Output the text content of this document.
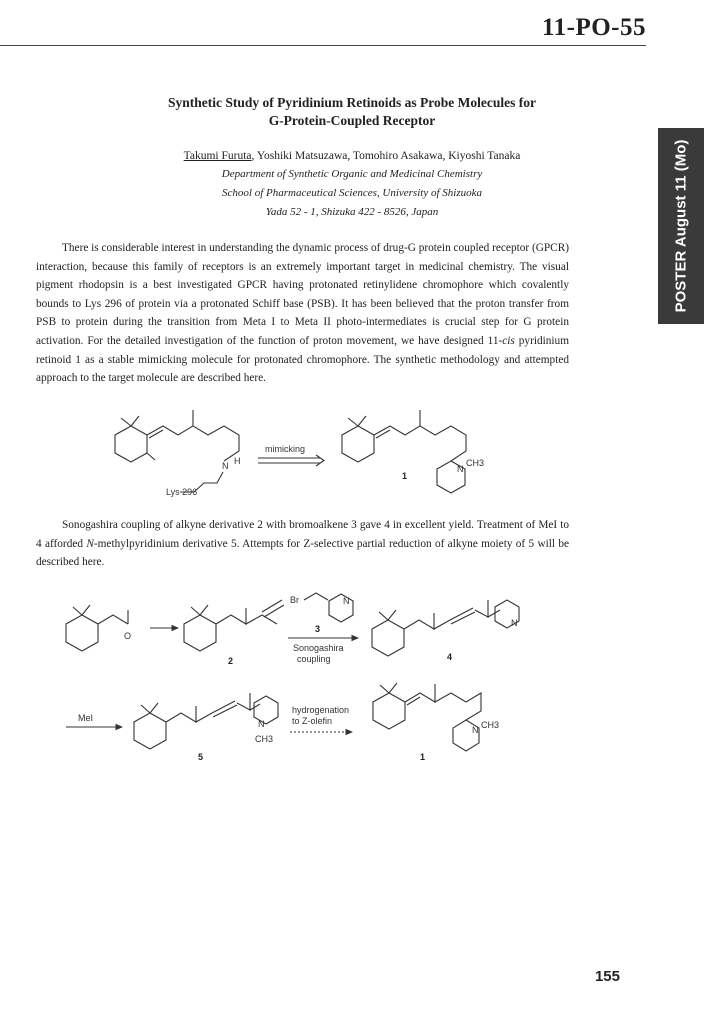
11-PO-55
POSTER August 11 (Mo)
Synthetic Study of Pyridinium Retinoids as Probe Molecules for
G-Protein-Coupled Receptor
Takumi Furuta, Yoshiki Matsuzawa, Tomohiro Asakawa, Kiyoshi Tanaka
Department of Synthetic Organic and Medicinal Chemistry
School of Pharmaceutical Sciences, University of Shizuoka
Yada 52 - 1, Shizuka 422 - 8526, Japan
There is considerable interest in understanding the dynamic process of drug-G protein coupled receptor (GPCR) interaction, because this family of receptors is an extremely important target in medicinal chemistry. The visual pigment rhodopsin is a best investigated GPCR having protonated retinylidene chromophore which covalently bounds to Lys 296 of protein via a protonated Schiff base (PSB). It has been believed that the proton transfer from PSB to protein during the transition from Meta I to Meta II photo-intermediates is crucial step for G protein activation. For the detailed investigation of the function of proton movement, we have designed 11-cis pyridinium retinoid 1 as a stable mimicking molecule for protonated chromophore. The synthetic methodology and attempted approach to the target molecule are described here.
Sonogashira coupling of alkyne derivative 2 with bromoalkene 3 gave 4 in excellent yield. Treatment of MeI to 4 afforded N-methylpyridinium derivative 5. Attempts for Z-selective partial reduction of alkyne moiety of 5 will be described here.
N H
Lys 296
mimicking
N
CH3
1
O
2
Br	N
3
Sonogashira
coupling
N
4
MeI
N
CH3
5
hydrogenation
to Z-olefin
N CH3
1
155
